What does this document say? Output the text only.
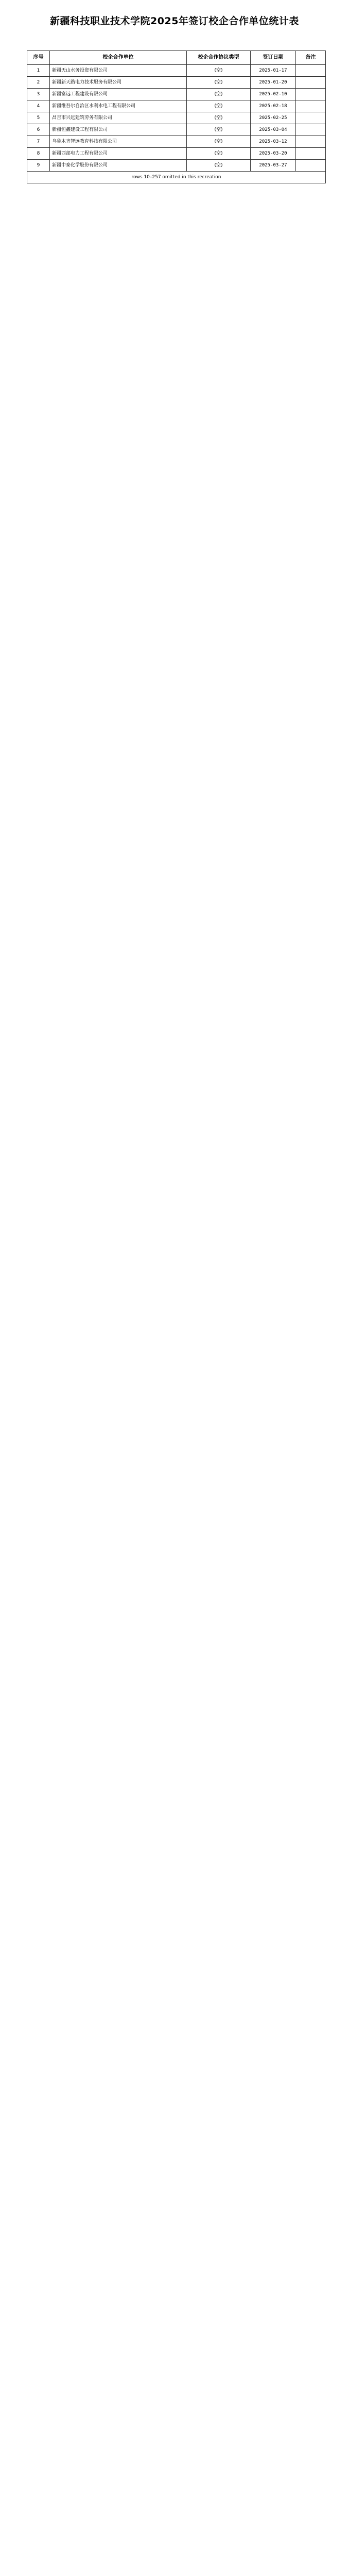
新疆科技职业技术学院2025年签订校企合作单位统计表
序号	校企合作单位	校企合作协议类型	签订日期	备注
1	新疆天山水务投资有限公司	(空)	2025-01-17	
2	新疆新天路电力技术服务有限公司	(空)	2025-01-20	
3	新疆富远工程建设有限公司	(空)	2025-02-10	
4	新疆维吾尔自治区水利水电工程有限公司	(空)	2025-02-18	
5	昌吉市兴远建筑劳务有限公司	(空)	2025-02-25	
6	新疆恒鑫建设工程有限公司	(空)	2025-03-04	
7	乌鲁木齐智远教育科技有限公司	(空)	2025-03-12	
8	新疆西部电力工程有限公司	(空)	2025-03-20	
9	新疆中泰化学股份有限公司	(空)	2025-03-27	
rows 10–257 omitted in this recreation				
